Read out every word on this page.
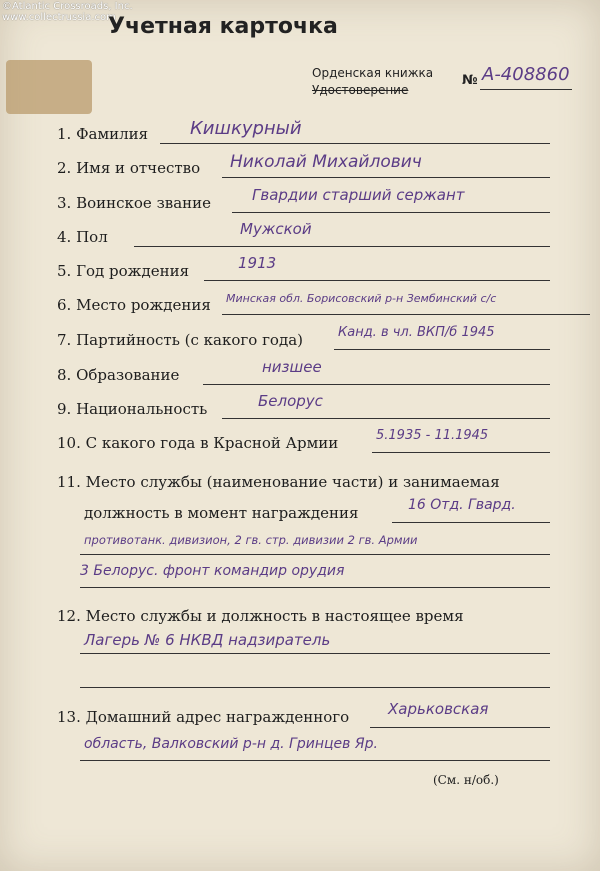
©Atlantic Crossroads, Inc.
www.collectrussia.com
Учетная карточка
Орденская книжка
Удостоверение
№ А-408860
1. Фамилия Кишкурный
2. Имя и отчество Николай Михайлович
3. Воинское звание	Гвардии старший сержант
4. Пол	Мужской
5. Год рождения	1913
6. Место рождения Минская обл. Борисовский р-н Зембинский с/с
7. Партийность (с какого года)	Канд. в чл. ВКП/б 1945
8. Образование	низшее
9. Национальность	Белорус
10. С какого года в Красной Армии	5.1935 - 11.1945
11. Место службы (наименование части) и занимаемая
должность в момент награждения	16 Отд. Гвард.
противотанк. дивизион, 2 гв. стр. дивизии 2 гв. Армии
3 Белорус. фронт командир орудия
12. Место службы и должность в настоящее время
Лагерь № 6 НКВД надзиратель
13. Домашний адрес награжденного	Харьковская
область, Валковский р-н д. Гринцев Яр.
(См. н/об.)
